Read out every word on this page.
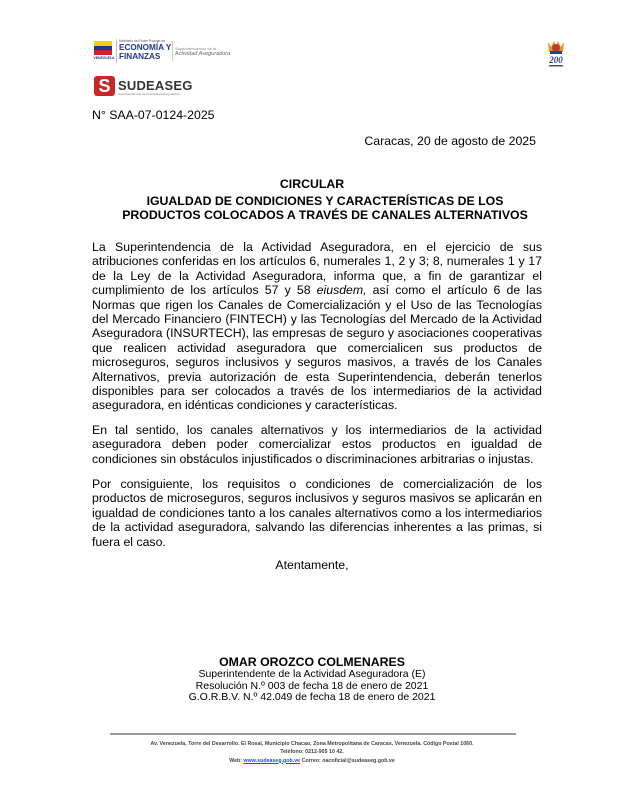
VENEZUELA
Ministerio del Poder Popular de
ECONOMÍA Y
FINANZAS
Superintendencia de la
Actividad Aseguradora
200
S SUDEASEG
Superintendencia de la Actividad Aseguradora
N° SAA-07-0124-2025
Caracas, 20 de agosto de 2025
CIRCULAR
IGUALDAD DE CONDICIONES Y CARACTERÍSTICAS DE LOS
PRODUCTOS COLOCADOS A TRAVÉS DE CANALES ALTERNATIVOS
La Superintendencia de la Actividad Aseguradora, en el ejercicio de sus atribuciones conferidas en los artículos 6, numerales 1, 2 y 3; 8, numerales 1 y 17 de la Ley de la Actividad Aseguradora, informa que, a fin de garantizar el cumplimiento de los artículos 57 y 58 eiusdem, así como el artículo 6 de las Normas que rigen los Canales de Comercialización y el Uso de las Tecnologías del Mercado Financiero (FINTECH) y las Tecnologías del Mercado de la Actividad Aseguradora (INSURTECH), las empresas de seguro y asociaciones cooperativas que realicen actividad aseguradora que comercialicen sus productos de microseguros, seguros inclusivos y seguros masivos, a través de los Canales Alternativos, previa autorización de esta Superintendencia, deberán tenerlos disponibles para ser colocados a través de los intermediarios de la actividad aseguradora, en idénticas condiciones y características.
En tal sentido, los canales alternativos y los intermediarios de la actividad aseguradora deben poder comercializar estos productos en igualdad de condiciones sin obstáculos injustificados o discriminaciones arbitrarias o injustas.
Por consiguiente, los requisitos o condiciones de comercialización de los productos de microseguros, seguros inclusivos y seguros masivos se aplicarán en igualdad de condiciones tanto a los canales alternativos como a los intermediarios de la actividad aseguradora, salvando las diferencias inherentes a las primas, si fuera el caso.
Atentamente,
OMAR OROZCO COLMENARES
Superintendente de la Actividad Aseguradora (E)
Resolución N.º 003 de fecha 18 de enero de 2021
G.O.R.B.V. N.º 42.049 de fecha 18 de enero de 2021
Av. Venezuela, Torre del Desarrollo. El Rosal, Municipio Chacao, Zona Metropolitana de Caracas, Venezuela. Código Postal 1060.
Teléfono: 0212-905 10 42.
Web: www.sudeaseg.gob.ve Correo: oacoficial@sudeaseg.gob.ve
